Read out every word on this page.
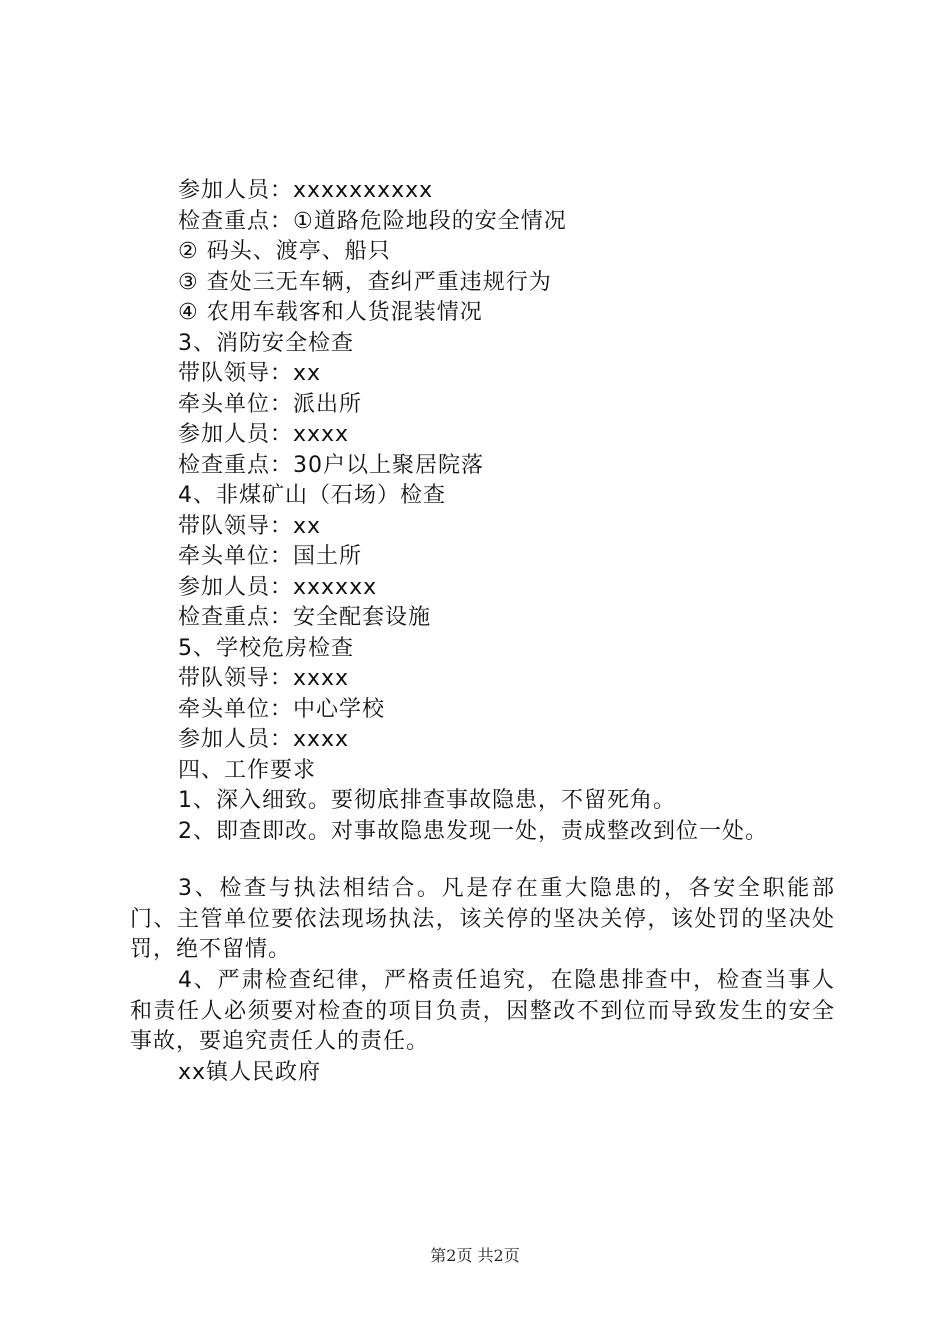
参加人员：xxxxxxxxxx
检查重点：①道路危险地段的安全情况
② 码头、渡亭、船只
③ 查处三无车辆，查纠严重违规行为
④ 农用车载客和人货混装情况
3、消防安全检查
带队领导：xx
牵头单位：派出所
参加人员：xxxx
检查重点：30户以上聚居院落
4、非煤矿山（石场）检查
带队领导：xx
牵头单位：国土所
参加人员：xxxxxx
检查重点：安全配套设施
5、学校危房检查
带队领导：xxxx
牵头单位：中心学校
参加人员：xxxx
四、工作要求
1、深入细致。要彻底排查事故隐患，不留死角。
2、即查即改。对事故隐患发现一处，责成整改到位一处。

3、检查与执法相结合。凡是存在重大隐患的，各安全职能部门、主管单位要依法现场执法，该关停的坚决关停，该处罚的坚决处罚，绝不留情。

4、严肃检查纪律，严格责任追究，在隐患排查中，检查当事人和责任人必须要对检查的项目负责，因整改不到位而导致发生的安全事故，要追究责任人的责任。

xx镇人民政府
第2页 共2页
